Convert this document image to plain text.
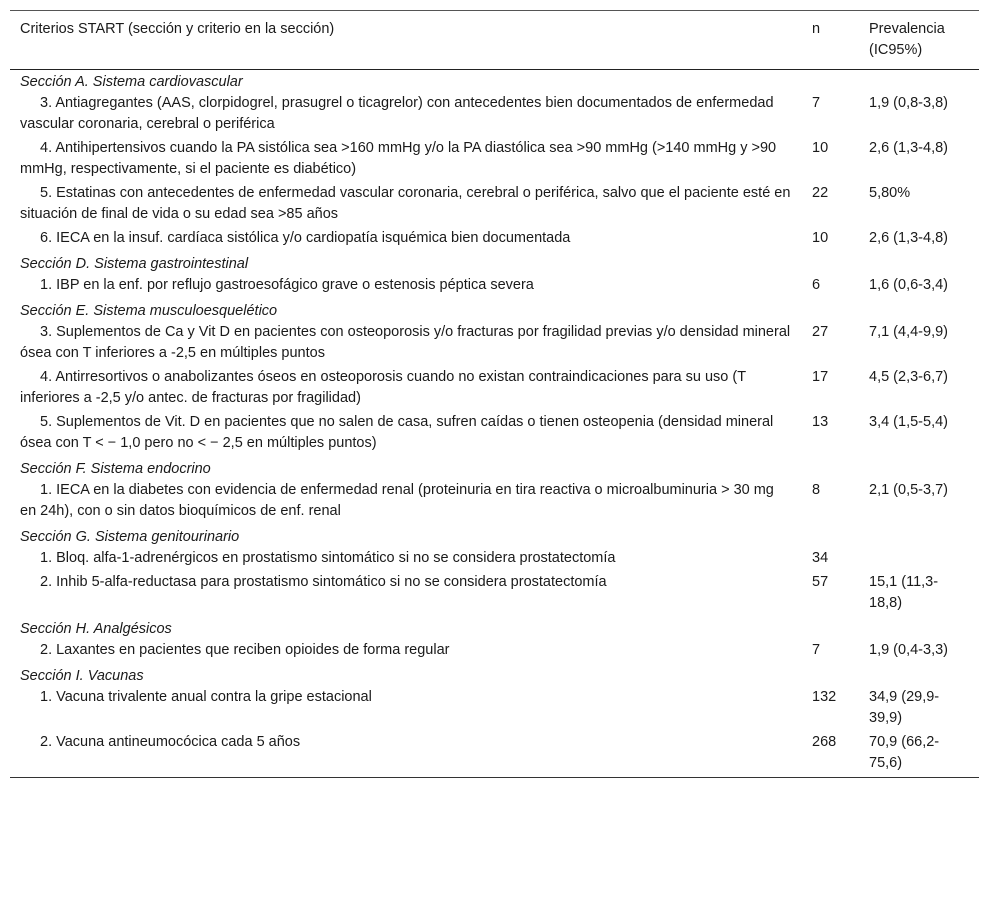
Criterios START (sección y criterio en la sección)	n	Prevalencia (IC95%)
Sección A. Sistema cardiovascular		
3. Antiagregantes (AAS, clorpidogrel, prasugrel o ticagrelor) con antecedentes bien documentados de enfermedad vascular coronaria, cerebral o periférica	7	1,9 (0,8-3,8)
4. Antihipertensivos cuando la PA sistólica sea >160 mmHg y/o la PA diastólica sea >90 mmHg (>140 mmHg y >90 mmHg, respectivamente, si el paciente es diabético)	10	2,6 (1,3-4,8)
5. Estatinas con antecedentes de enfermedad vascular coronaria, cerebral o periférica, salvo que el paciente esté en situación de final de vida o su edad sea >85 años	22	5,80%
6. IECA en la insuf. cardíaca sistólica y/o cardiopatía isquémica bien documentada	10	2,6 (1,3-4,8)
Sección D. Sistema gastrointestinal		
1. IBP en la enf. por reflujo gastroesofágico grave o estenosis péptica severa	6	1,6 (0,6-3,4)
Sección E. Sistema musculoesquelético		
3. Suplementos de Ca y Vit D en pacientes con osteoporosis y/o fracturas por fragilidad previas y/o densidad mineral ósea con T inferiores a -2,5 en múltiples puntos	27	7,1 (4,4-9,9)
4. Antirresortivos o anabolizantes óseos en osteoporosis cuando no existan contraindicaciones para su uso (T inferiores a -2,5 y/o antec. de fracturas por fragilidad)	17	4,5 (2,3-6,7)
5. Suplementos de Vit. D en pacientes que no salen de casa, sufren caídas o tienen osteopenia (densidad mineral ósea con T < − 1,0 pero no < − 2,5 en múltiples puntos)	13	3,4 (1,5-5,4)
Sección F. Sistema endocrino		
1. IECA en la diabetes con evidencia de enfermedad renal (proteinuria en tira reactiva o microalbuminuria > 30 mg en 24h), con o sin datos bioquímicos de enf. renal	8	2,1 (0,5-3,7)
Sección G. Sistema genitourinario		
1. Bloq. alfa-1-adrenérgicos en prostatismo sintomático si no se considera prostatectomía	34	
2. Inhib 5-alfa-reductasa para prostatismo sintomático si no se considera prostatectomía	57	15,1 (11,3-18,8)
Sección H. Analgésicos		
2. Laxantes en pacientes que reciben opioides de forma regular	7	1,9 (0,4-3,3)
Sección I. Vacunas		
1. Vacuna trivalente anual contra la gripe estacional	132	34,9 (29,9-39,9)
2. Vacuna antineumocócica cada 5 años	268	70,9 (66,2-75,6)
